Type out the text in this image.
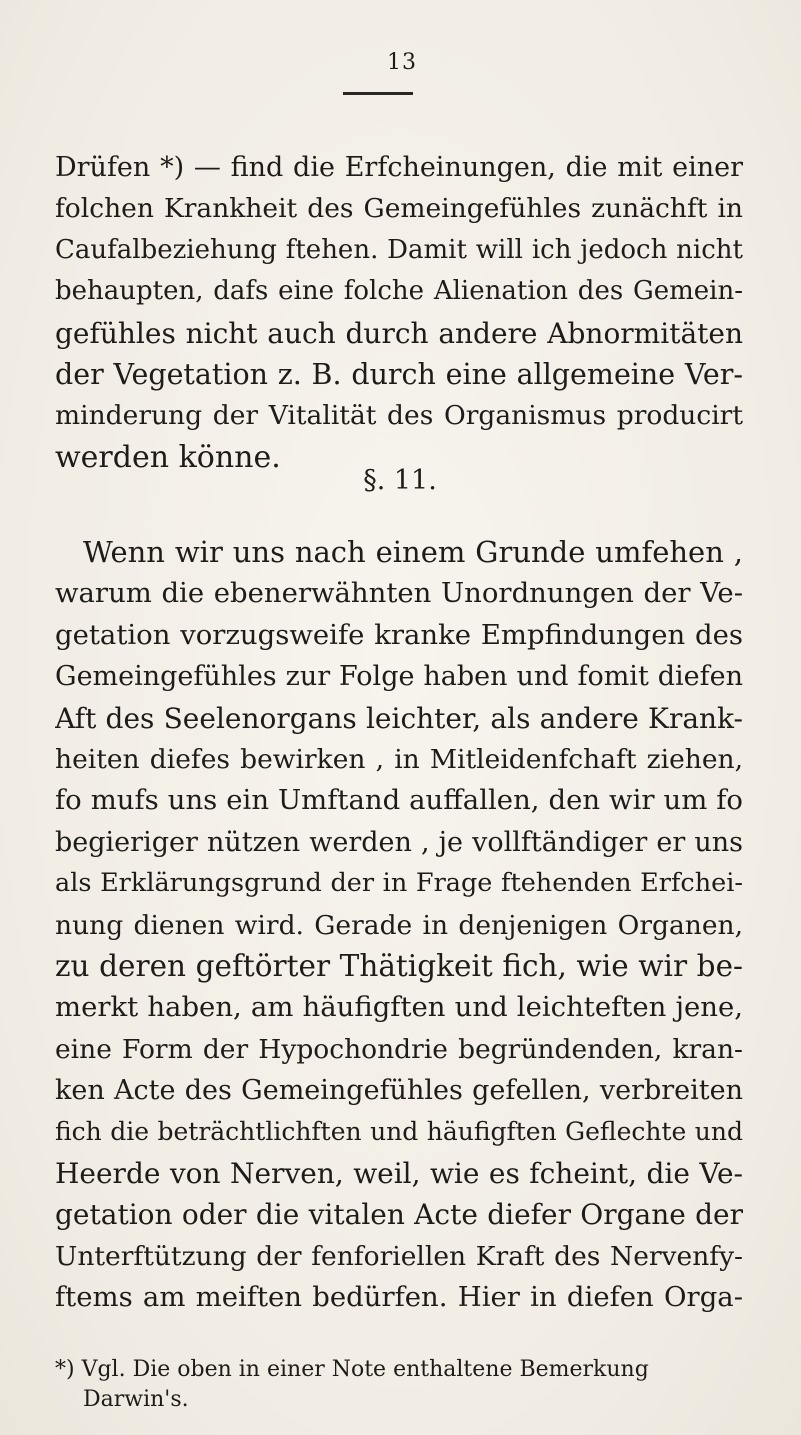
13
Drüfen *) — find die Erfcheinungen, die mit einer
folchen Krankheit des Gemeingefühles zunächft in
Caufalbeziehung ftehen. Damit will ich jedoch nicht
behaupten, dafs eine folche Alienation des Gemein-
gefühles nicht auch durch andere Abnormitäten
der Vegetation z. B. durch eine allgemeine Ver-
minderung der Vitalität des Organismus producirt
werden könne.
§. 11.
Wenn wir uns nach einem Grunde umfehen ,
warum die ebenerwähnten Unordnungen der Ve-
getation vorzugsweife kranke Empfindungen des
Gemeingefühles zur Folge haben und fomit diefen
Aft des Seelenorgans leichter, als andere Krank-
heiten diefes bewirken , in Mitleidenfchaft ziehen,
fo mufs uns ein Umftand auffallen, den wir um fo
begieriger nützen werden , je vollftändiger er uns
als Erklärungsgrund der in Frage ftehenden Erfchei-
nung dienen wird. Gerade in denjenigen Organen,
zu deren geftörter Thätigkeit fich, wie wir be-
merkt haben, am häufigften und leichteften jene,
eine Form der Hypochondrie begründenden, kran-
ken Acte des Gemeingefühles gefellen, verbreiten
fich die beträchtlichften und häufigften Geflechte und
Heerde von Nerven, weil, wie es fcheint, die Ve-
getation oder die vitalen Acte diefer Organe der
Unterftützung der fenforiellen Kraft des Nervenfy-
ftems am meiften bedürfen. Hier in diefen Orga-
*) Vgl. Die oben in einer Note enthaltene Bemerkung
Darwin's.
